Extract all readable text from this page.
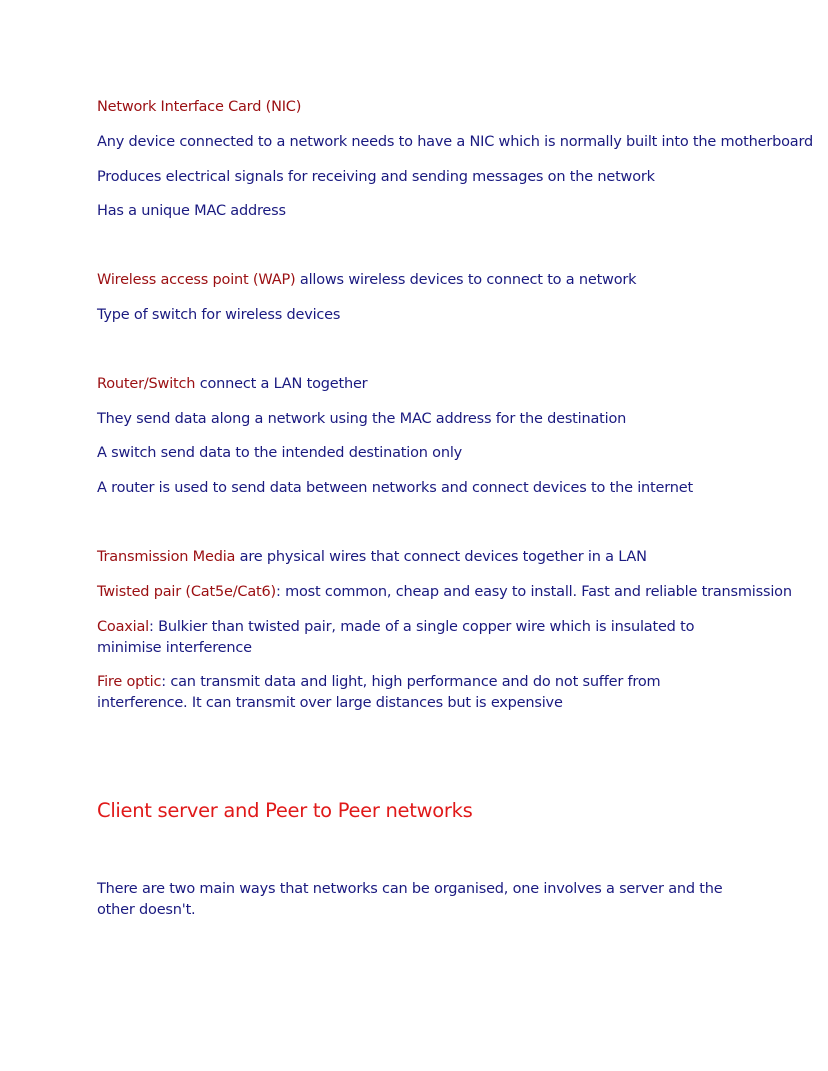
Network Interface Card (NIC)
Any device connected to a network needs to have a NIC which is normally built into the motherboard
Produces electrical signals for receiving and sending messages on the network
Has a unique MAC address
Wireless access point (WAP) allows wireless devices to connect to a network
Type of switch for wireless devices
Router/Switch connect a LAN together
They send data along a network using the MAC address for the destination
A switch send data to the intended destination only
A router is used to send data between networks and connect devices to the internet
Transmission Media are physical wires that connect devices together in a LAN
Twisted pair (Cat5e/Cat6): most common, cheap and easy to install. Fast and reliable transmission
Coaxial: Bulkier than twisted pair, made of a single copper wire which is insulated to minimise interference
Fire optic: can transmit data and light, high performance and do not suffer from interference. It can transmit over large distances but is expensive
Client server and Peer to Peer networks
There are two main ways that networks can be organised, one involves a server and the other doesn't.
